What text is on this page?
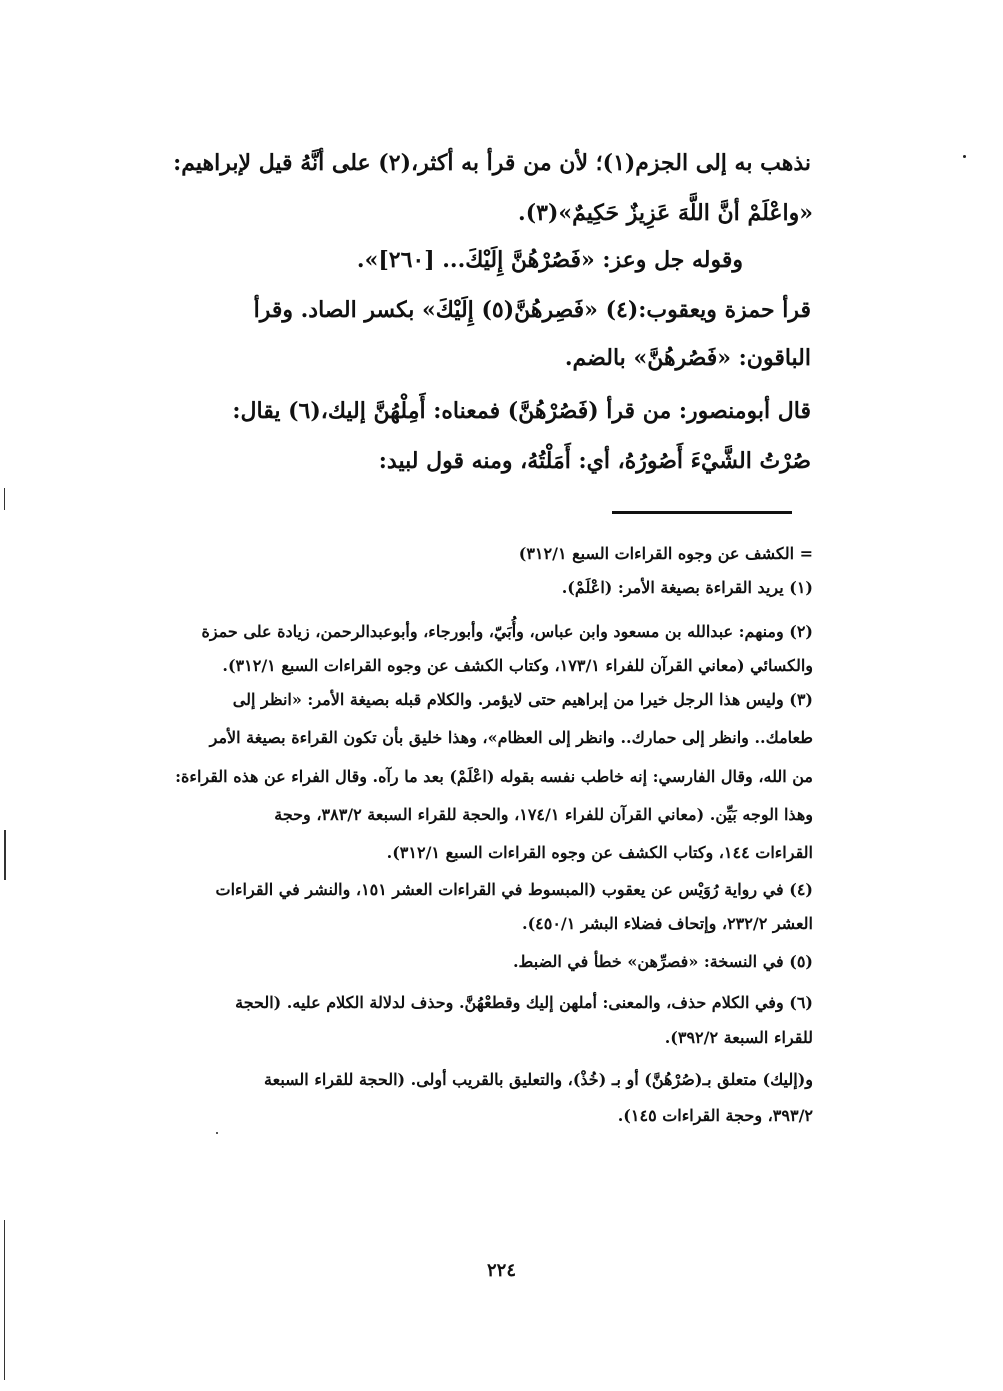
نذهب به إلى الجزم(١)؛ لأن من قرأ به أكثر،(٢) على أنَّهُ قيل لإبراهيم:
«واعْلَمْ أنَّ اللَّهَ عَزِيزٌ حَكِيمٌ»(٣).
وقوله جل وعز: «فَصُرْهُنَّ إِلَيْكَ... [٢٦٠]».
قرأ حمزة ويعقوب:(٤) «فَصِرهُنَّ(٥) إِلَيْكَ» بكسر الصاد. وقرأ
الباقون: «فَصُرهُنَّ» بالضم.
قال أبومنصور: من قرأ (فَصُرْهُنَّ) فمعناه: أَمِلْهُنَّ إليك،(٦) يقال:
صُرْتُ الشَّيْءَ أَصُورُهُ، أي: أَمَلْتُهُ، ومنه قول لبيد:
= الكشف عن وجوه القراءات السبع ٣١٢/١)
(١) يريد القراءة بصيغة الأمر: (اعْلَمْ).
(٢) ومنهم: عبدالله بن مسعود وابن عباس، وأُبَيّ، وأبورجاء، وأبوعبدالرحمن، زيادة على حمزة
والكسائي (معاني القرآن للفراء ١٧٣/١، وكتاب الكشف عن وجوه القراءات السبع ٣١٢/١).
(٣) وليس هذا الرجل خيرا من إبراهيم حتى لايؤمر. والكلام قبله بصيغة الأمر: «انظر إلى
طعامك.. وانظر إلى حمارك.. وانظر إلى العظام»، وهذا خليق بأن تكون القراءة بصيغة الأمر
من الله، وقال الفارسي: إنه خاطب نفسه بقوله (اعْلَمْ) بعد ما رآه. وقال الفراء عن هذه القراءة:
وهذا الوجه بَيِّن. (معاني القرآن للفراء ١٧٤/١، والحجة للقراء السبعة ٣٨٣/٢، وحجة
القراءات ١٤٤، وكتاب الكشف عن وجوه القراءات السبع ٣١٢/١).
(٤) في رواية رُوَيْس عن يعقوب (المبسوط في القراءات العشر ١٥١، والنشر في القراءات
العشر ٢٣٢/٢، وإتحاف فضلاء البشر ٤٥٠/١).
(٥) في النسخة: «فصرِّهن» خطأ في الضبط.
(٦) وفي الكلام حذف، والمعنى: أملهن إليك وقطعْهُنَّ. وحذف لدلالة الكلام عليه. (الحجة
للقراء السبعة ٣٩٢/٢).
و(إليك) متعلق بـ(صُرْهُنَّ) أو بـ (خُذْ)، والتعليق بالقريب أولى. (الحجة للقراء السبعة
٣٩٣/٢، وحجة القراءات ١٤٥).
٢٢٤
